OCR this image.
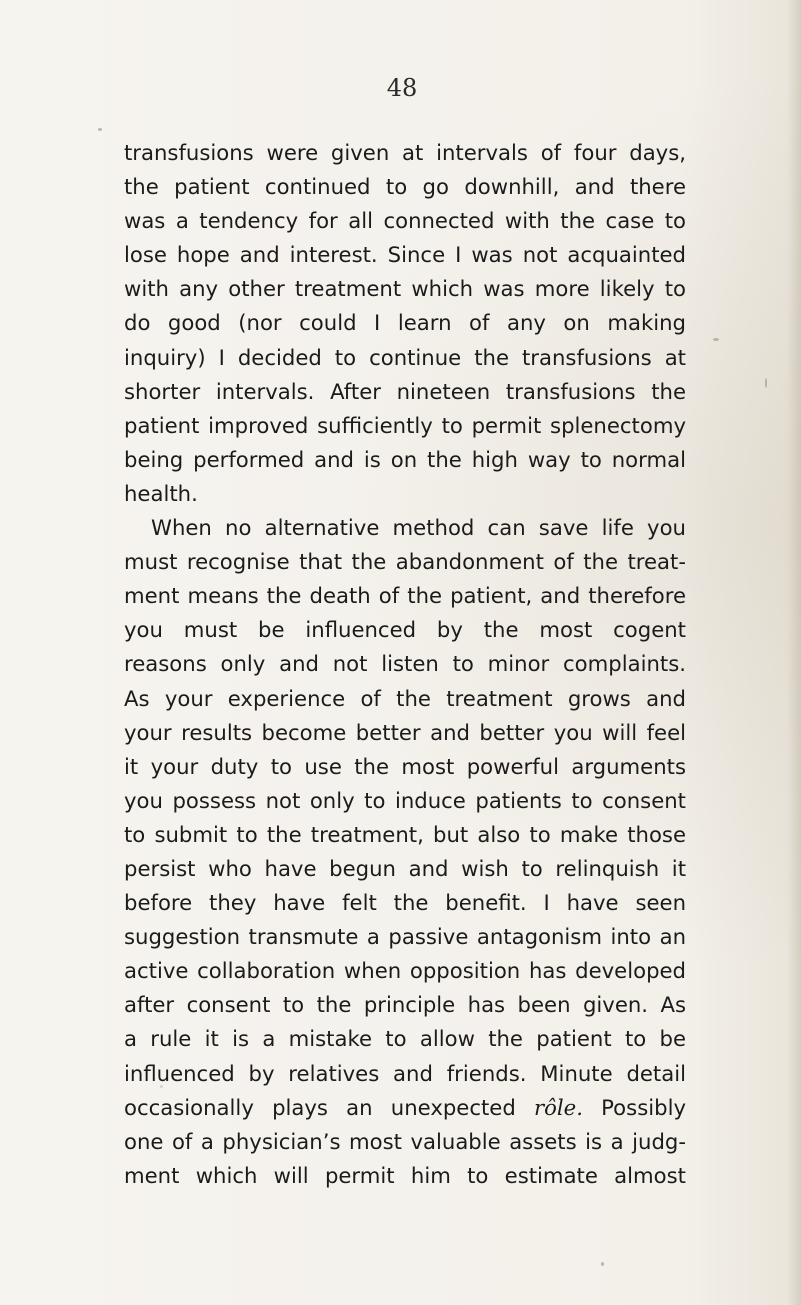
48
transfusions were given at intervals of four days,
the patient continued to go downhill, and there
was a tendency for all connected with the case to
lose hope and interest. Since I was not acquainted
with any other treatment which was more likely to
do good (nor could I learn of any on making
inquiry) I decided to continue the transfusions at
shorter intervals. After nineteen transfusions the
patient improved sufficiently to permit splenectomy
being performed and is on the high way to normal
health.
When no alternative method can save life you
must recognise that the abandonment of the treat-
ment means the death of the patient, and therefore
you must be influenced by the most cogent
reasons only and not listen to minor complaints.
As your experience of the treatment grows and
your results become better and better you will feel
it your duty to use the most powerful arguments
you possess not only to induce patients to consent
to submit to the treatment, but also to make those
persist who have begun and wish to relinquish it
before they have felt the benefit. I have seen
suggestion transmute a passive antagonism into an
active collaboration when opposition has developed
after consent to the principle has been given. As
a rule it is a mistake to allow the patient to be
influenced by relatives and friends. Minute detail
occasionally plays an unexpected rôle. Possibly
one of a physician’s most valuable assets is a judg-
ment which will permit him to estimate almost
